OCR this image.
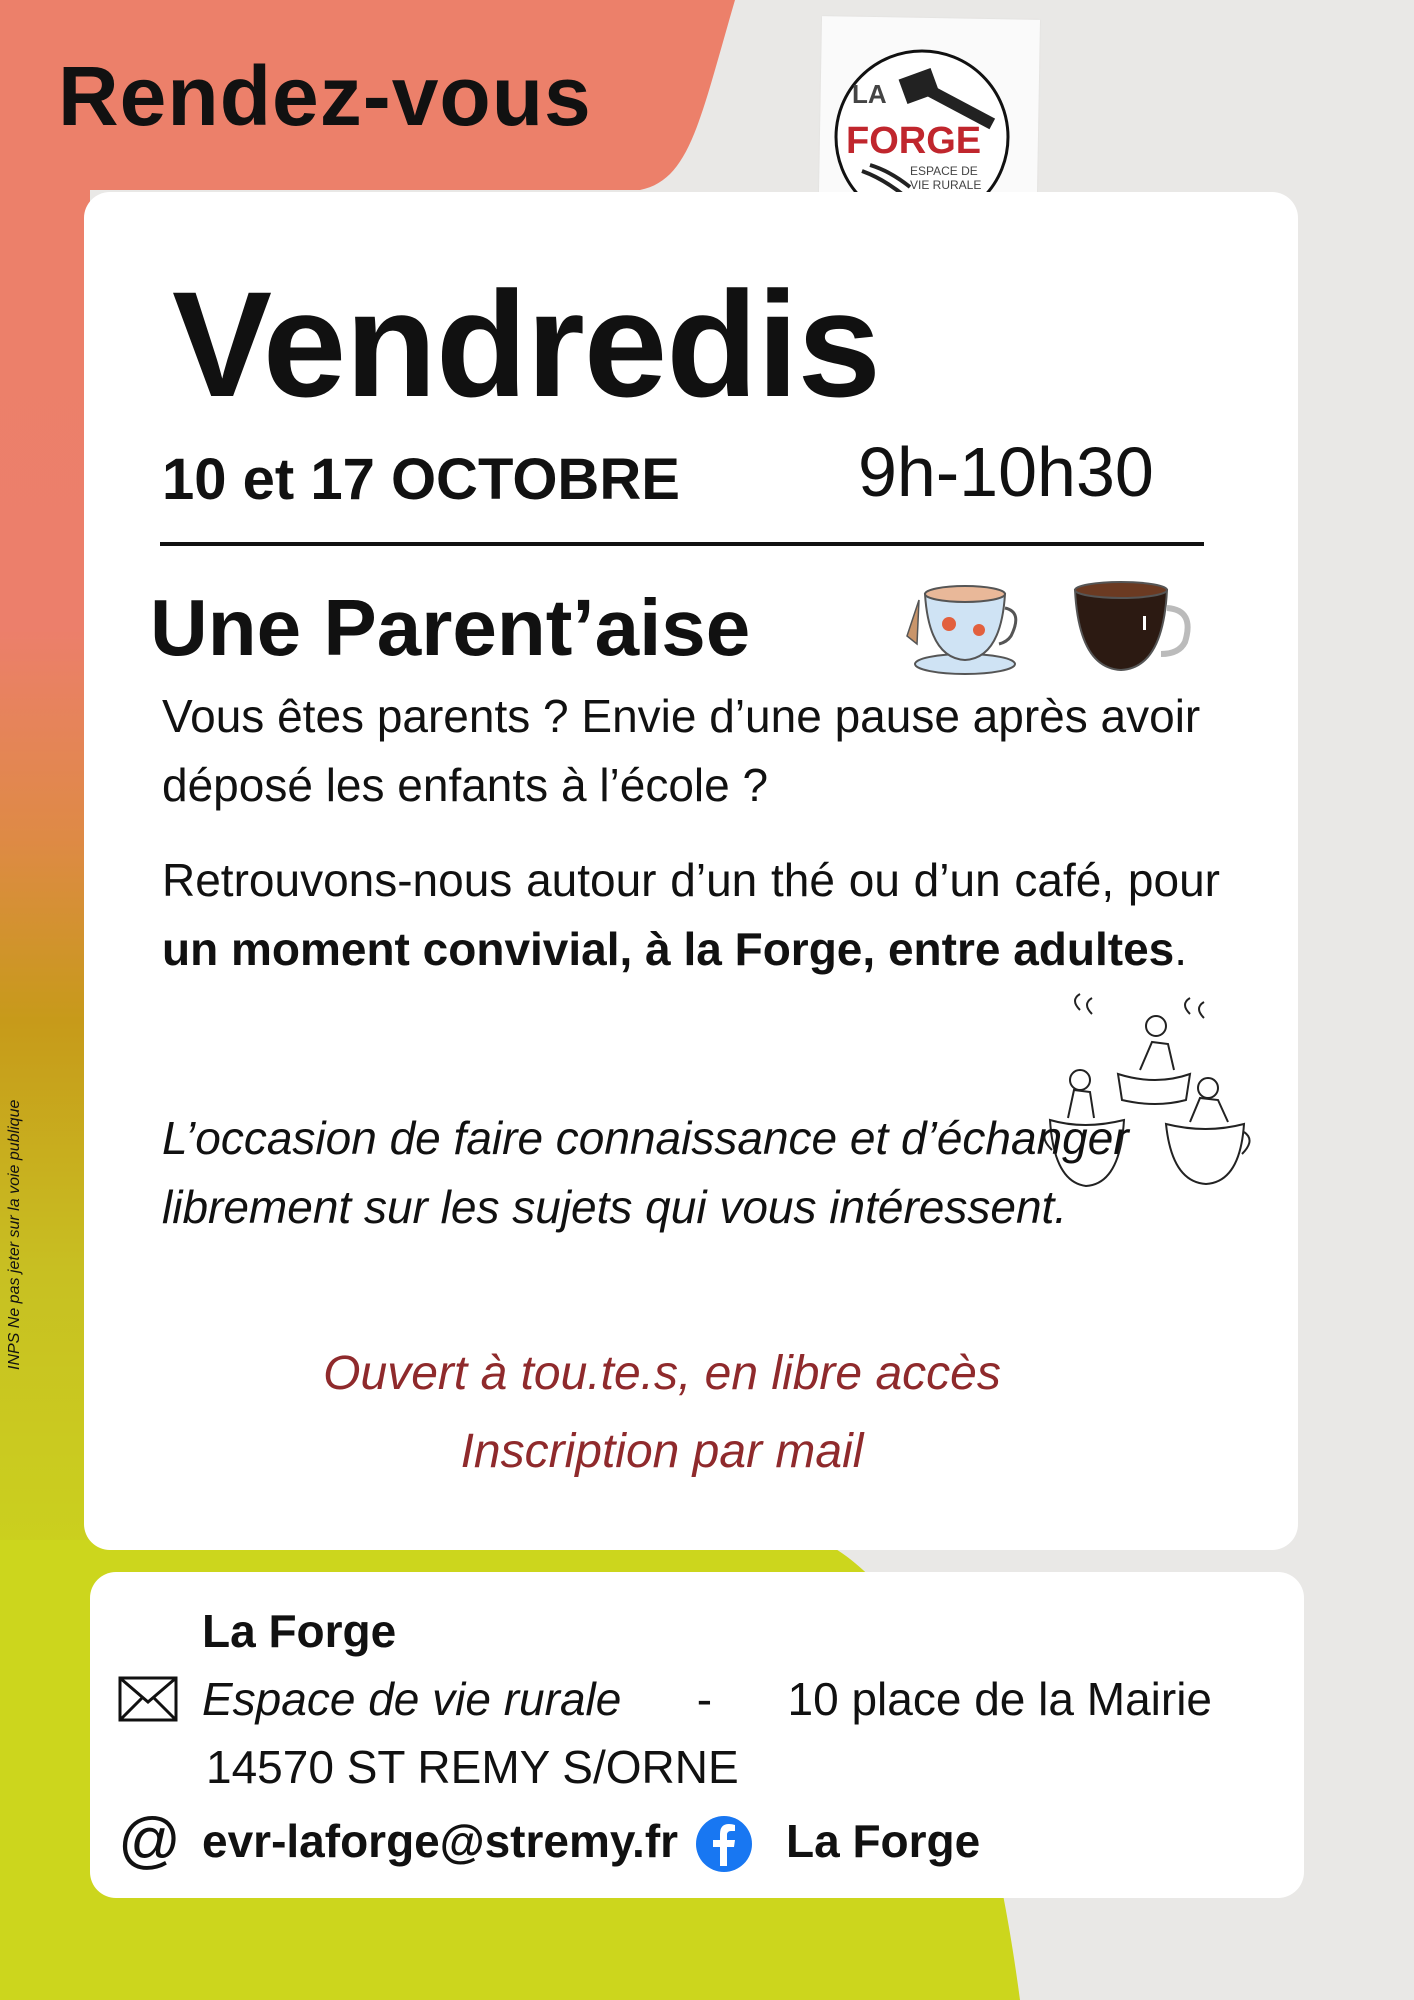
Rendez-vous	LA
FORGE
ESPACE DE
VIE RURALE

Vendredis

10 et 17 OCTOBRE	9h-10h30

Une Parent’aise

Vous êtes parents ? Envie d’une pause après avoir déposé les enfants à l’école ?

Retrouvons-nous autour d’un thé ou d’un café, pour un moment convivial, à la Forge, entre adultes.

L’occasion de faire connaissance et d’échanger librement sur les sujets qui vous intéressent.

Ouvert à tou.te.s, en libre accès

Inscription par mail

La Forge

Espace de vie rurale - 10 place de la Mairie

14570 ST REMY S/ORNE

@ evr-laforge@stremy.fr La Forge

INPS Ne pas jeter sur la voie publique
